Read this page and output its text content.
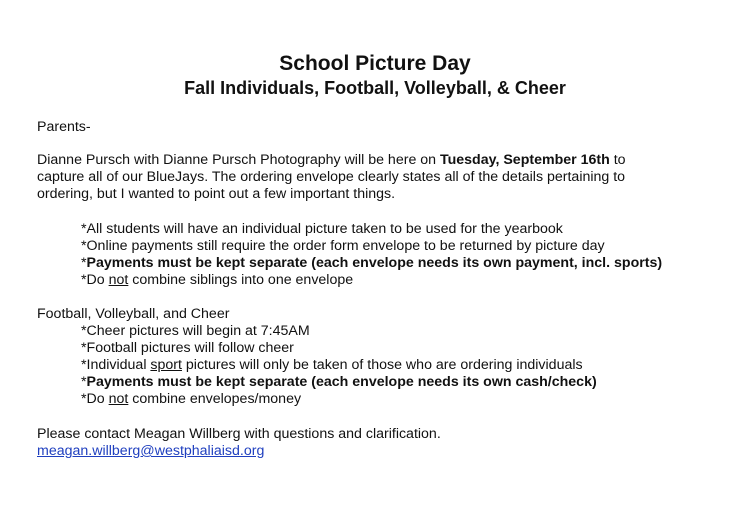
School Picture Day
Fall Individuals, Football, Volleyball, & Cheer

Parents-

Dianne Pursch with Dianne Pursch Photography will be here on Tuesday, September 16th to

capture all of our BlueJays. The ordering envelope clearly states all of the details pertaining to

ordering, but I wanted to point out a few important things.

*All students will have an individual picture taken to be used for the yearbook

*Online payments still require the order form envelope to be returned by picture day

*Payments must be kept separate (each envelope needs its own payment, incl. sports)

*Do not combine siblings into one envelope

Football, Volleyball, and Cheer

*Cheer pictures will begin at 7:45AM

*Football pictures will follow cheer

*Individual sport pictures will only be taken of those who are ordering individuals

*Payments must be kept separate (each envelope needs its own cash/check)

*Do not combine envelopes/money

Please contact Meagan Willberg with questions and clarification.

meagan.willberg@westphaliaisd.org
